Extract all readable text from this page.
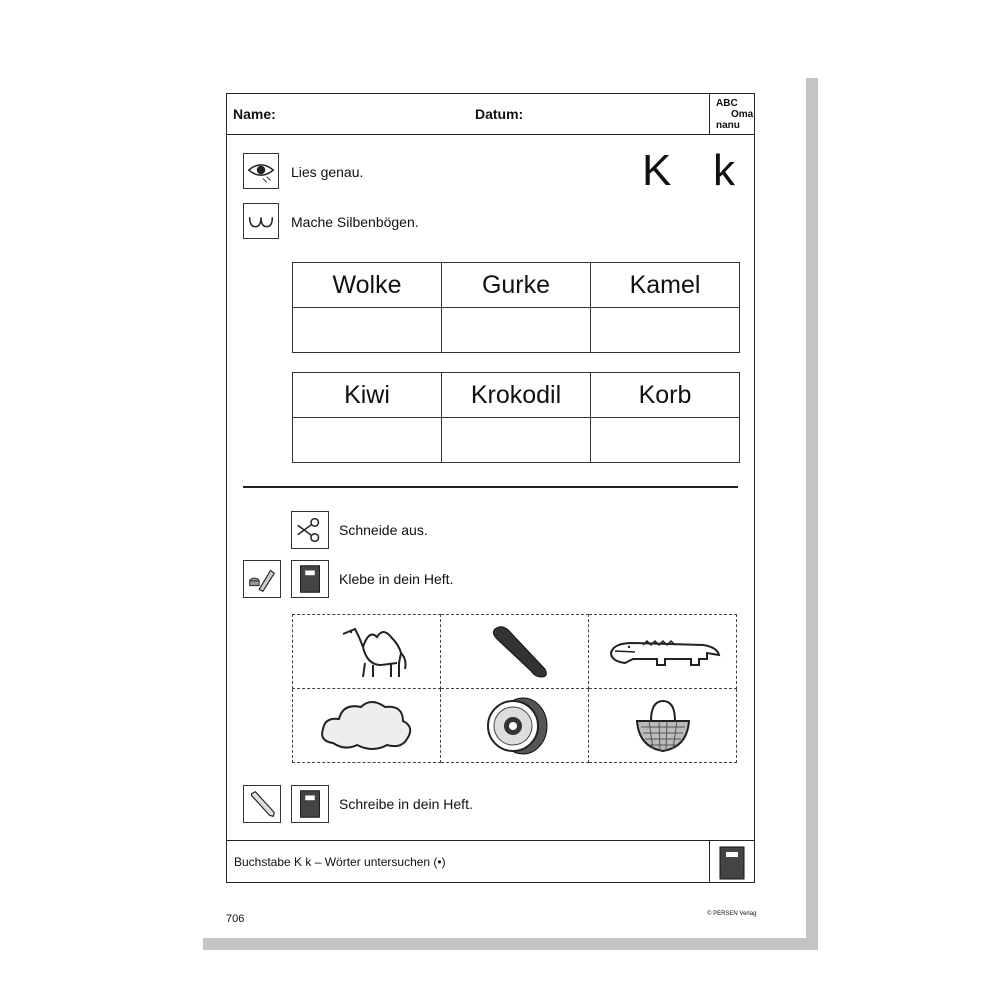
Name:	Datum:
ABC
Oma
nanu
K k
Lies genau.
Mache Silbenbögen.
Wolke	Gurke	Kamel

Kiwi	Krokodil	Korb

Schneide aus.
Klebe in dein Heft.

Schreibe in dein Heft.
Buchstabe K k – Wörter untersuchen (•)
706	© PERSEN Verlag
